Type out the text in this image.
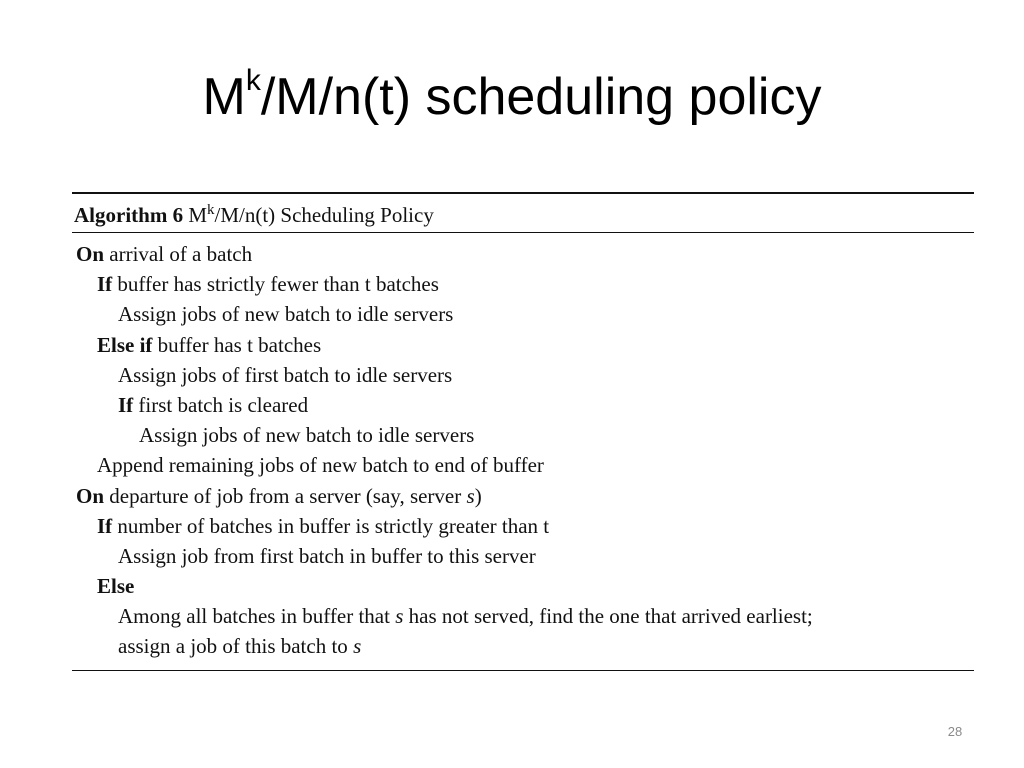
$M^k/M/n(t)$ scheduling policy
Algorithm 6 $M^k/M/n(t)$ Scheduling Policy
On arrival of a batch
If buffer has strictly fewer than t batches
Assign jobs of new batch to idle servers
Else if buffer has t batches
Assign jobs of first batch to idle servers
If first batch is cleared
Assign jobs of new batch to idle servers
Append remaining jobs of new batch to end of buffer
On departure of job from a server (say, server s)
If number of batches in buffer is strictly greater than t
Assign job from first batch in buffer to this server
Else
Among all batches in buffer that s has not served, find the one that arrived earliest;
assign a job of this batch to s
28
